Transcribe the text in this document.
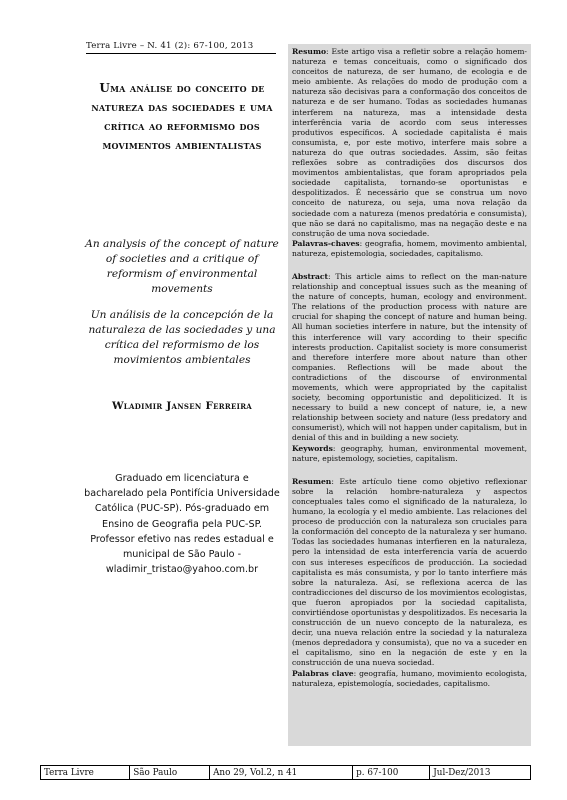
Terra Livre – N. 41 (2): 67-100, 2013
Uma análise do conceito de natureza das sociedades e uma crítica ao reformismo dos movimentos ambientalistas
An analysis of the concept of nature of societies and a critique of reformism of environmental movements
Un análisis de la concepción de la naturaleza de las sociedades y una crítica del reformismo de los movimientos ambientales
Wladimir Jansen Ferreira
Graduado em licenciatura e bacharelado pela Pontifícia Universidade Católica (PUC-SP). Pós-graduado em Ensino de Geografia pela PUC-SP. Professor efetivo nas redes estadual e municipal de São Paulo - wladimir_tristao@yahoo.com.br
Resumo: Este artigo visa a refletir sobre a relação homem-natureza e temas conceituais, como o significado dos conceitos de natureza, de ser humano, de ecologia e de meio ambiente. As relações do modo de produção com a natureza são decisivas para a conformação dos conceitos de natureza e de ser humano. Todas as sociedades humanas interferem na natureza, mas a intensidade desta interferência varia de acordo com seus interesses produtivos específicos. A sociedade capitalista é mais consumista, e, por este motivo, interfere mais sobre a natureza do que outras sociedades. Assim, são feitas reflexões sobre as contradições dos discursos dos movimentos ambientalistas, que foram apropriados pela sociedade capitalista, tornando-se oportunistas e despolitizados. É necessário que se construa um novo conceito de natureza, ou seja, uma nova relação da sociedade com a natureza (menos predatória e consumista), que não se dará no capitalismo, mas na negação deste e na construção de uma nova sociedade.
Palavras-chaves: geografia, homem, movimento ambiental, natureza, epistemologia, sociedades, capitalismo.
Abstract: This article aims to reflect on the man-nature relationship and conceptual issues such as the meaning of the nature of concepts, human, ecology and environment. The relations of the production process with nature are crucial for shaping the concept of nature and human being. All human societies interfere in nature, but the intensity of this interference will vary according to their specific interests production. Capitalist society is more consumerist and therefore interfere more about nature than other companies. Reflections will be made about the contradictions of the discourse of environmental movements, which were appropriated by the capitalist society, becoming opportunistic and depoliticized. It is necessary to build a new concept of nature, ie, a new relationship between society and nature (less predatory and consumerist), which will not happen under capitalism, but in denial of this and in building a new society.
Keywords: geography, human, environmental movement, nature, epistemology, societies, capitalism.
Resumen: Este artículo tiene como objetivo reflexionar sobre la relación hombre-naturaleza y aspectos conceptuales tales como el significado de la naturaleza, lo humano, la ecología y el medio ambiente. Las relaciones del proceso de producción con la naturaleza son cruciales para la conformación del concepto de la naturaleza y ser humano. Todas las sociedades humanas interfieren en la naturaleza, pero la intensidad de esta interferencia varía de acuerdo con sus intereses específicos de producción. La sociedad capitalista es más consumista, y por lo tanto interfiere más sobre la naturaleza. Así, se reflexiona acerca de las contradicciones del discurso de los movimientos ecologistas, que fueron apropiados por la sociedad capitalista, convirtiéndose oportunistas y despolitizados. Es necesaria la construcción de un nuevo concepto de la naturaleza, es decir, una nueva relación entre la sociedad y la naturaleza (menos depredadora y consumista), que no va a suceder en el capitalismo, sino en la negación de este y en la construcción de una nueva sociedad.
Palabras clave: geografía, humano, movimiento ecologista, naturaleza, epistemología, sociedades, capitalismo.
Terra Livre	São Paulo	Ano 29, Vol.2, n 41	p. 67-100	Jul-Dez/2013
